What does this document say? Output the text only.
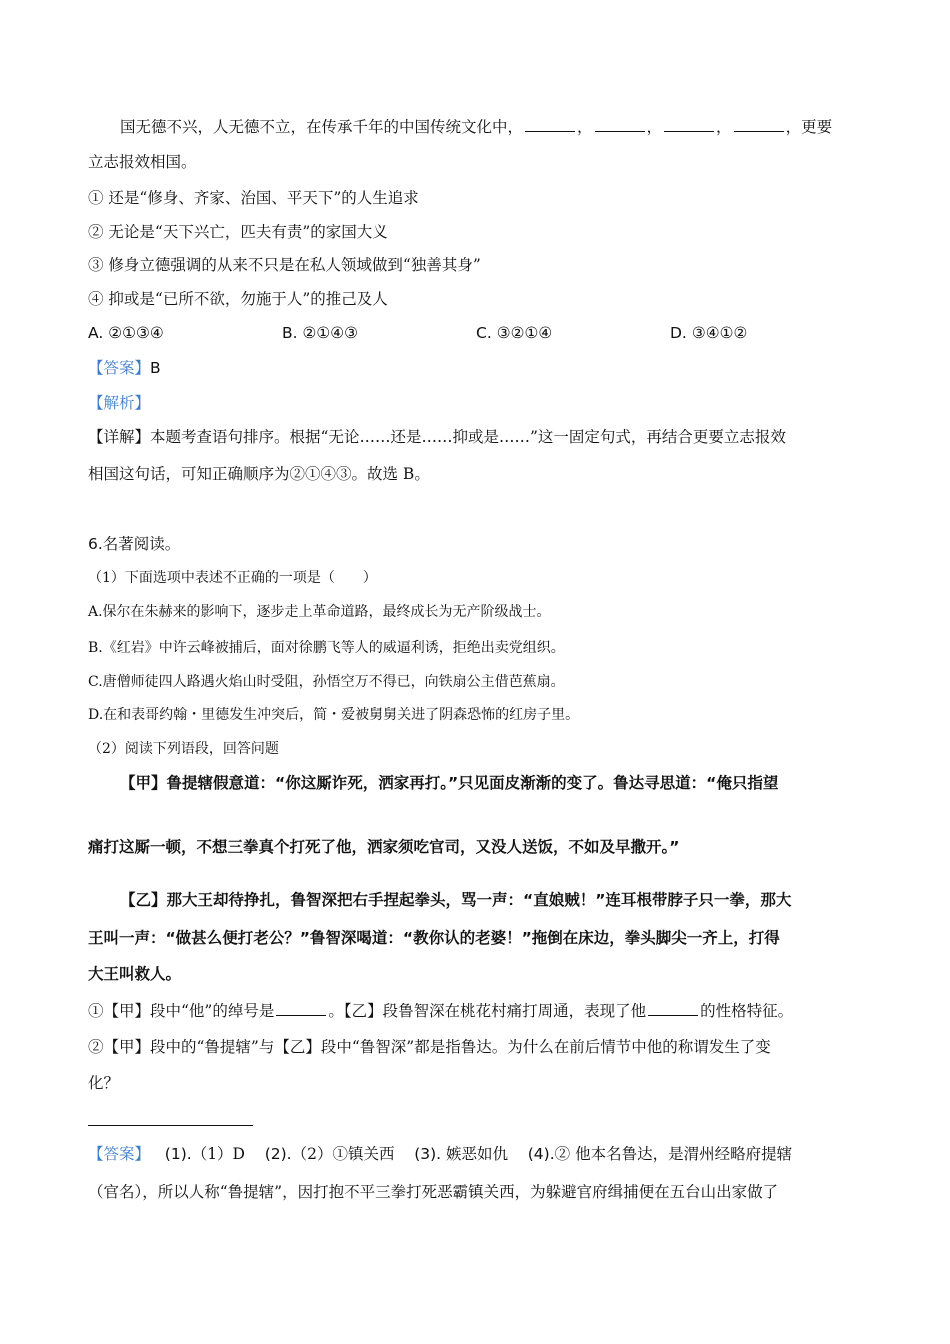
国无德不兴，人无德不立，在传承千年的中国传统文化中，	，	，	，	，更要
立志报效相国。
① 还是“修身、齐家、治国、平天下”的人生追求
② 无论是“天下兴亡，匹夫有责”的家国大义
③ 修身立德强调的从来不只是在私人领域做到“独善其身”
④ 抑或是“已所不欲，勿施于人”的推己及人
A. ②①③④	B. ②①④③	C. ③②①④	D. ③④①②
【答案】B
【解析】
【详解】本题考查语句排序。根据“无论……还是……抑或是……”这一固定句式，再结合更要立志报效
相国这句话，可知正确顺序为②①④③。故选 B。
6.名著阅读。
（1）下面选项中表述不正确的一项是（　　）
A.保尔在朱赫来的影响下，逐步走上革命道路，最终成长为无产阶级战士。
B.《红岩》中许云峰被捕后，面对徐鹏飞等人的威逼利诱，拒绝出卖党组织。
C.唐僧师徒四人路遇火焰山时受阻，孙悟空万不得已，向铁扇公主借芭蕉扇。
D.在和表哥约翰・里德发生冲突后，简・爱被舅舅关进了阴森恐怖的红房子里。
（2）阅读下列语段，回答问题
【甲】鲁提辖假意道：“你这厮诈死，洒家再打。”只见面皮渐渐的变了。鲁达寻思道：“俺只指望
痛打这厮一顿，不想三拳真个打死了他，洒家须吃官司，又没人送饭，不如及早撒开。”
【乙】那大王却待挣扎，鲁智深把右手捏起拳头，骂一声：“直娘贼！”连耳根带脖子只一拳，那大
王叫一声：“做甚么便打老公？”鲁智深喝道：“教你认的老婆！”拖倒在床边，拳头脚尖一齐上，打得
大王叫救人。
①【甲】段中“他”的绰号是	。【乙】段鲁智深在桃花村痛打周通，表现了他	的性格特征。
②【甲】段中的“鲁提辖”与【乙】段中“鲁智深”都是指鲁达。为什么在前后情节中他的称谓发生了变
化？
【答案】 (1).（1）D (2).（2）①镇关西 (3). 嫉恶如仇 (4).② 他本名鲁达，是渭州经略府提辖
（官名），所以人称“鲁提辖”，因打抱不平三拳打死恶霸镇关西，为躲避官府缉捕便在五台山出家做了
